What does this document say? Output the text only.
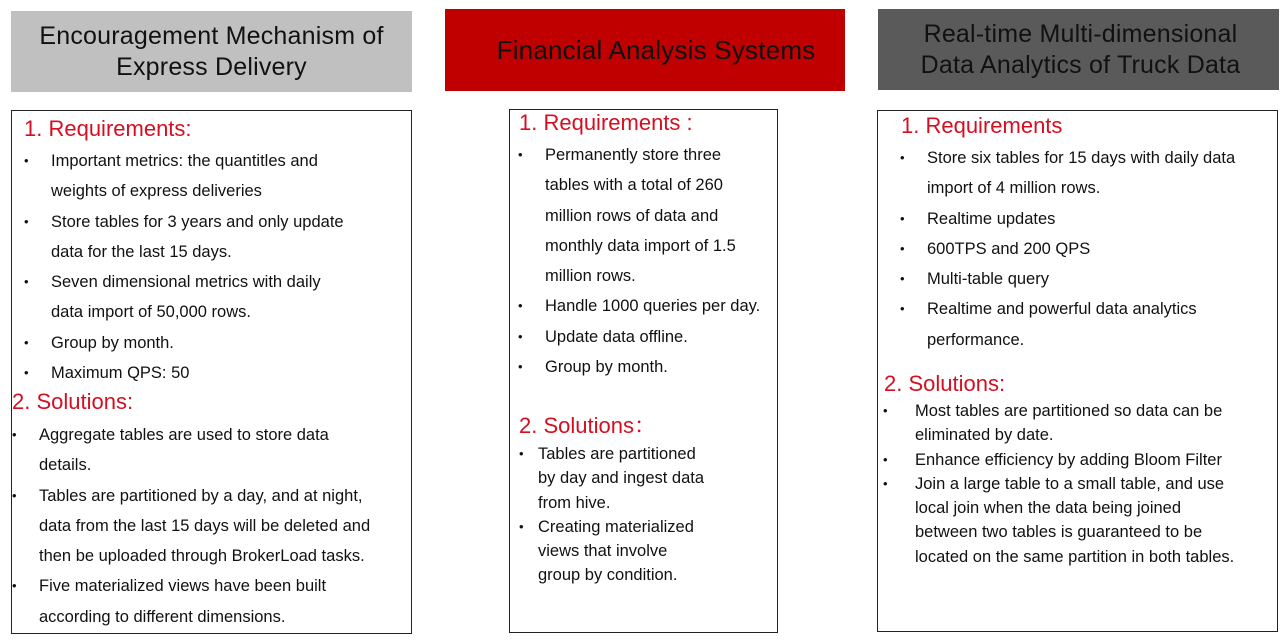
Encouragement Mechanism of
Express Delivery
Financial Analysis Systems
Real-time Multi-dimensional
Data Analytics of Truck Data
1. Requirements:
• Important metrics: the quantitles and
weights of express deliveries
• Store tables for 3 years and only update
data for the last 15 days.
• Seven dimensional metrics with daily
data import of 50,000 rows.
• Group by month.
• Maximum QPS: 50
2. Solutions:
• Aggregate tables are used to store data
details.
• Tables are partitioned by a day, and at night,
data from the last 15 days will be deleted and
then be uploaded through BrokerLoad tasks.
• Five materialized views have been built
according to different dimensions.
1. Requirements :
• Permanently store three
tables with a total of 260
million rows of data and
monthly data import of 1.5
million rows.
• Handle 1000 queries per day.
• Update data offline.
• Group by month.
2. Solutions：
• Tables are partitioned
by day and ingest data
from hive.
• Creating materialized
views that involve
group by condition.
1. Requirements
• Store six tables for 15 days with daily data
import of 4 million rows.
• Realtime updates
• 600TPS and 200 QPS
• Multi-table query
• Realtime and powerful data analytics
performance.
2. Solutions:
• Most tables are partitioned so data can be
eliminated by date.
• Enhance efficiency by adding Bloom Filter
• Join a large table to a small table, and use
local join when the data being joined
between two tables is guaranteed to be
located on the same partition in both tables.
